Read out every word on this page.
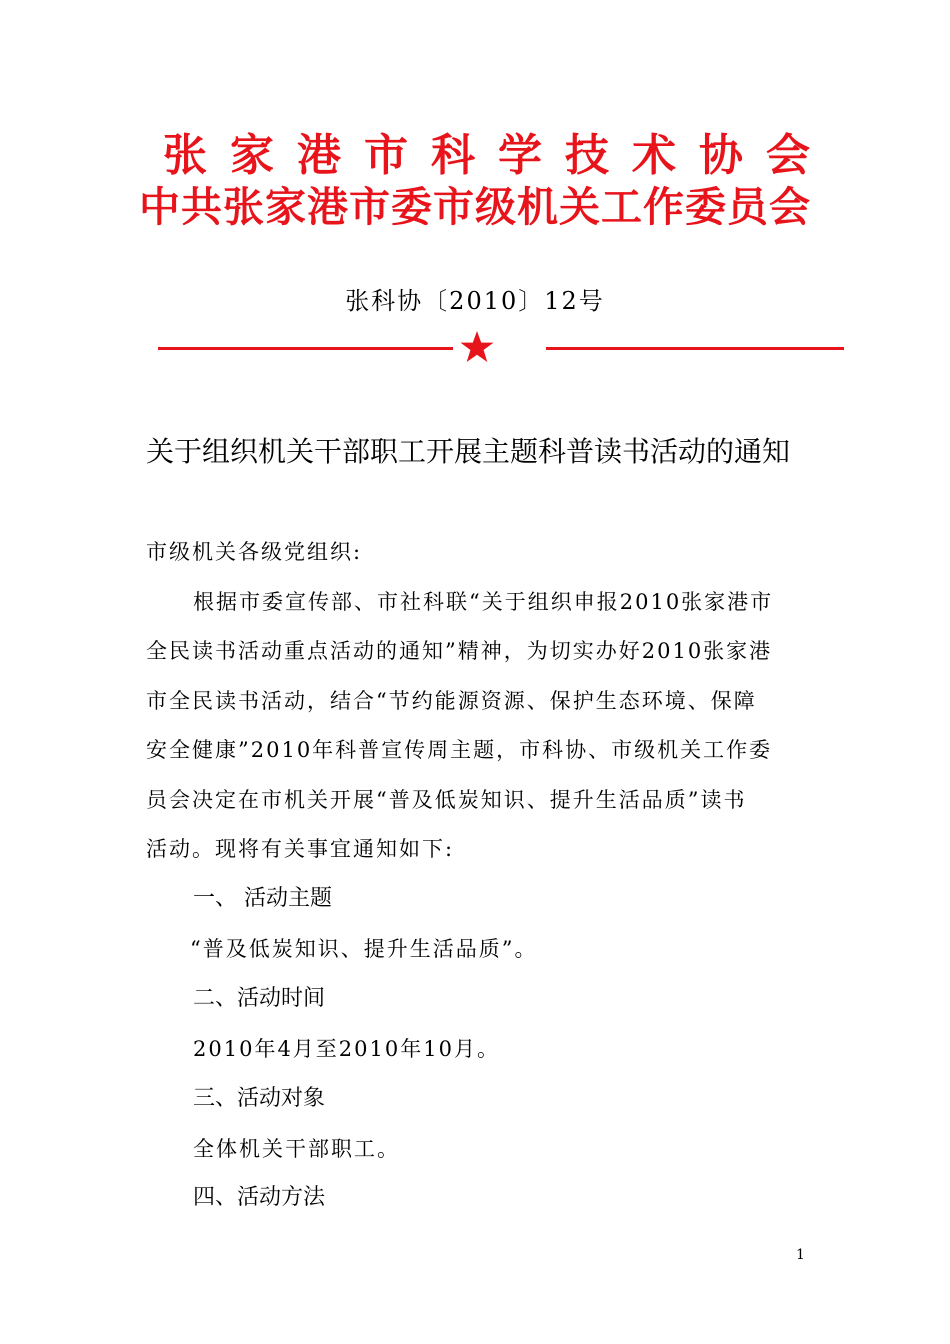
张家港市科学技术协会
中共张家港市委市级机关工作委员会
张科协〔2010〕12号
关于组织机关干部职工开展主题科普读书活动的通知
市级机关各级党组织:
根据市委宣传部、市社科联“关于组织申报2010张家港市
全民读书活动重点活动的通知”精神，为切实办好2010张家港
市全民读书活动，结合“节约能源资源、保护生态环境、保障
安全健康”2010年科普宣传周主题，市科协、市级机关工作委
员会决定在市机关开展“普及低炭知识、提升生活品质”读书
活动。现将有关事宜通知如下:
一、 活动主题
“普及低炭知识、提升生活品质”。
二、活动时间
2010年4月至2010年10月。
三、活动对象
全体机关干部职工。
四、活动方法
1
